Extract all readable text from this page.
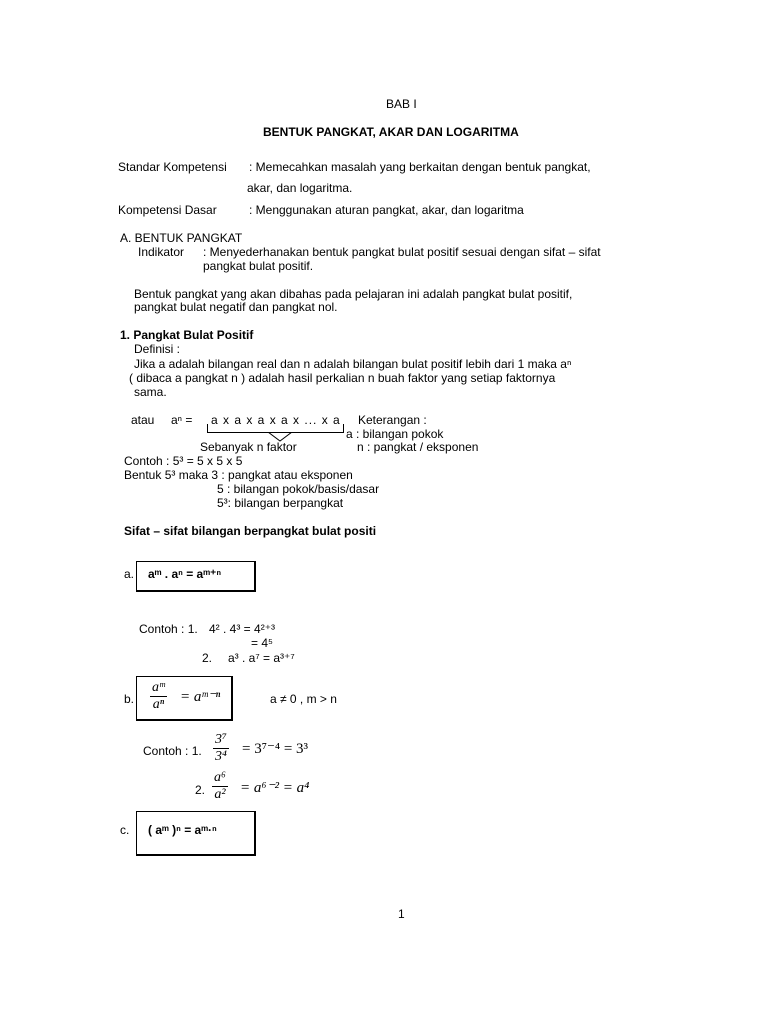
BAB I
BENTUK PANGKAT, AKAR DAN LOGARITMA
Standar Kompetensi : Memecahkan masalah yang berkaitan dengan bentuk pangkat,
akar, dan logaritma.
Kompetensi Dasar	: Menggunakan aturan pangkat, akar, dan logaritma
A. BENTUK PANGKAT
Indikator : Menyederhanakan bentuk pangkat bulat positif sesuai dengan sifat – sifat
pangkat bulat positif.
Bentuk pangkat yang akan dibahas pada pelajaran ini adalah pangkat bulat positif,
pangkat bulat negatif dan pangkat nol.
1. Pangkat Bulat Positif
Definisi :
Jika a adalah bilangan real dan n adalah bilangan bulat positif lebih dari 1 maka aⁿ
( dibaca a pangkat n ) adalah hasil perkalian n buah faktor yang setiap faktornya
sama.
atau aⁿ = a x a x a x a x ... x a
Sebanyak n faktor
Keterangan :
a : bilangan pokok
n : pangkat / eksponen
Contoh : 5³ = 5 x 5 x 5
Bentuk 5³ maka 3 : pangkat atau eksponen
5 : bilangan pokok/basis/dasar
5³: bilangan berpangkat
Sifat – sifat bilangan berpangkat bulat positi
a. aᵐ . aⁿ = aᵐ⁺ⁿ
Contoh : 1. 4² . 4³ = 4²⁺³
= 4⁵
2. a³ . a⁷ = a³⁺⁷
b. $\frac{\text{aᵐ}}{\text{aⁿ}}$ = aᵐ⁻ⁿ	a ≠ 0 , m > n
Contoh : 1. $\frac{\text{3⁷}}{\text{3⁴}} = 3^{7-4} = 3^3$
2. $\frac{\text{a⁶}}{\text{a²}} = a^{6-2} = a^4$
c. ( aᵐ )ⁿ = aᵐ·ⁿ
1
